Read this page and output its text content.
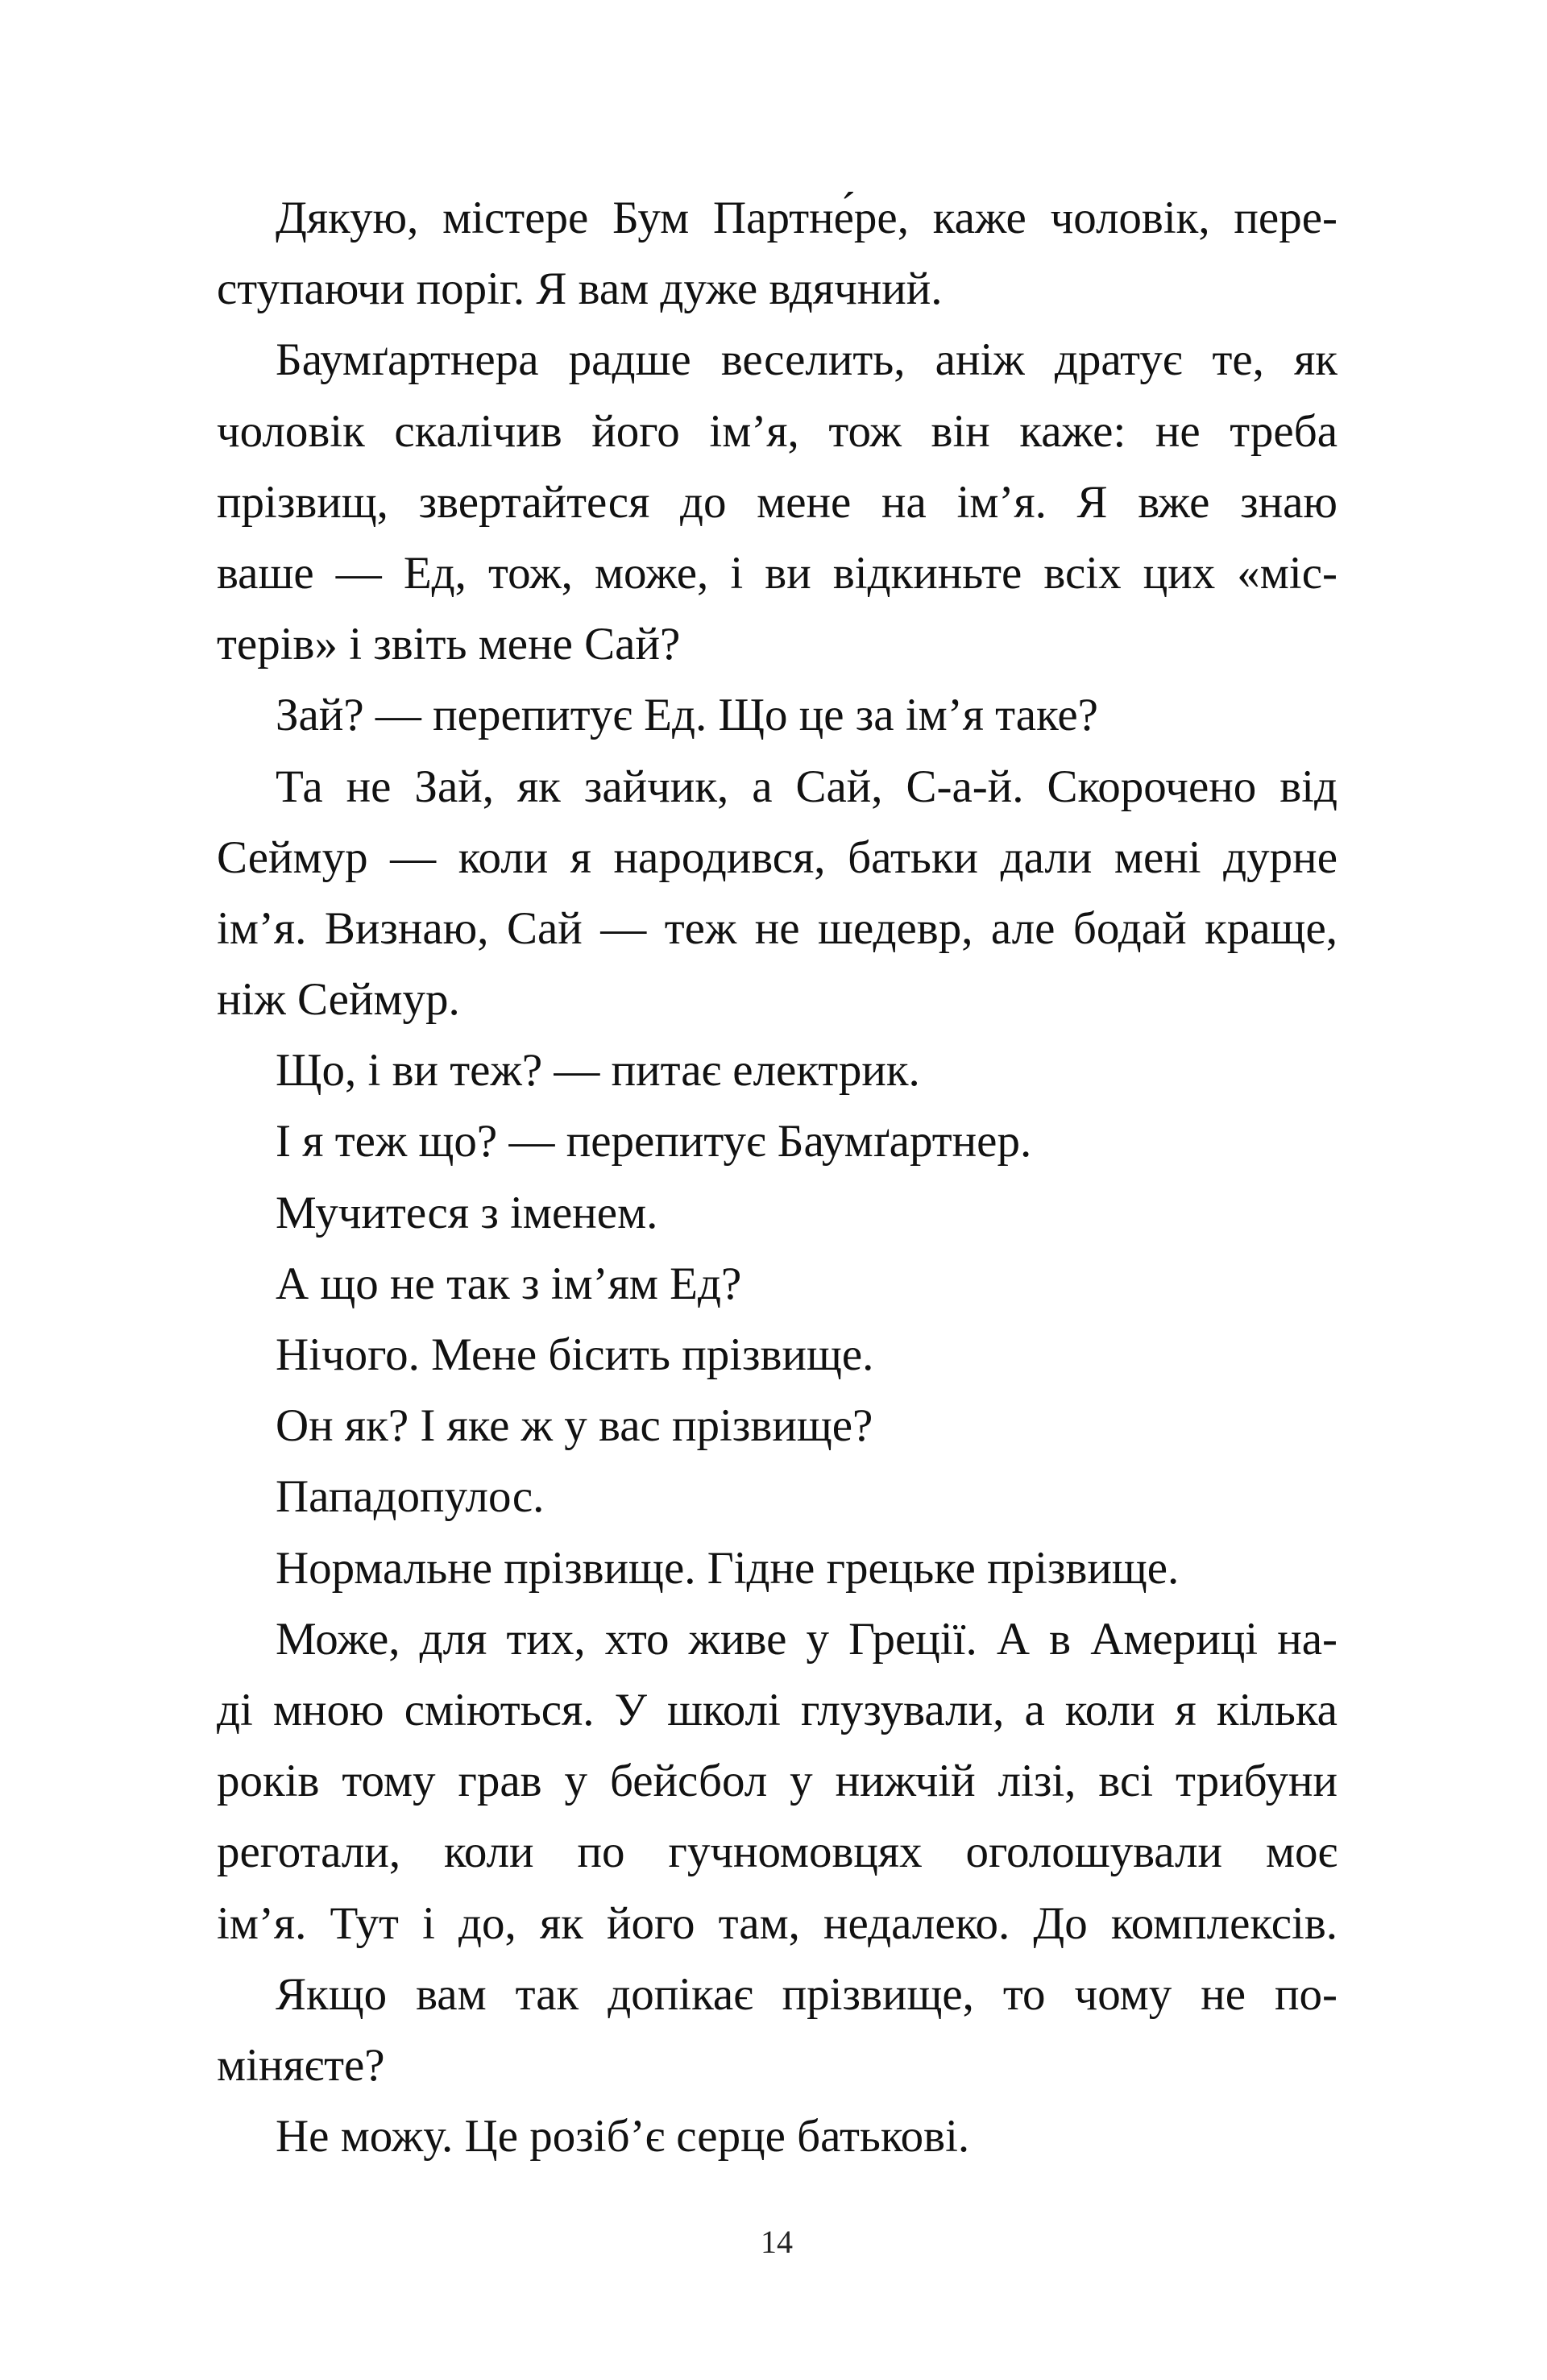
Дякую, містере Бум Партне́ре, каже чоловік, пере-
ступаючи поріг. Я вам дуже вдячний.
Баумґартнера радше веселить, аніж дратує те, як
чоловік скалічив його ім’я, тож він каже: не треба
прізвищ, звертайтеся до мене на ім’я. Я вже знаю
ваше — Ед, тож, може, і ви відкиньте всіх цих «міс-
терів» і звіть мене Сай?
Зай? — перепитує Ед. Що це за ім’я таке?
Та не Зай, як зайчик, а Сай, С-а-й. Скорочено від
Сеймур — коли я народився, батьки дали мені дурне
ім’я. Визнаю, Сай — теж не шедевр, але бодай краще,
ніж Сеймур.
Що, і ви теж? — питає електрик.
І я теж що? — перепитує Баумґартнер.
Мучитеся з іменем.
А що не так з ім’ям Ед?
Нічого. Мене бісить прізвище.
Он як? І яке ж у вас прізвище?
Пападопулос.
Нормальне прізвище. Гідне грецьке прізвище.
Може, для тих, хто живе у Греції. А в Америці на-
ді мною сміються. У школі глузували, а коли я кілька
років тому грав у бейсбол у нижчій лізі, всі трибуни
реготали, коли по гучномовцях оголошували моє
ім’я. Тут і до, як його там, недалеко. До комплексів.
Якщо вам так допікає прізвище, то чому не по-
міняєте?
Не можу. Це розіб’є серце батькові.
14
